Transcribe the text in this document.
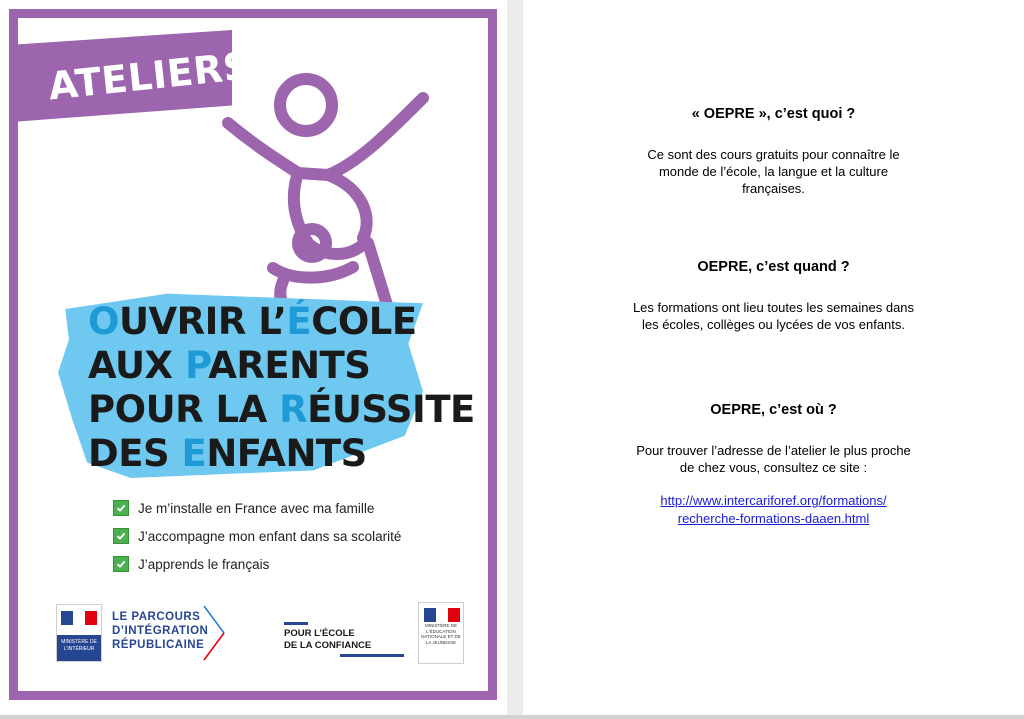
ATELIERS
OUVRIR L’ÉCOLE
AUX PARENTS
POUR LA RÉUSSITE
DES ENFANTS
Je m’installe en France avec ma famille
J’accompagne mon enfant dans sa scolarité
J’apprends le français
MINISTÈRE DE L'INTÉRIEUR
LE PARCOURS
D’INTÉGRATION
RÉPUBLICAINE
POUR L’ÉCOLE
DE LA CONFIANCE
MINISTÈRE DE L'ÉDUCATION NATIONALE ET DE LA JEUNESSE
« OEPRE », c’est quoi ?

Ce sont des cours gratuits pour connaître le

monde de l’école, la langue et la culture

françaises.

OEPRE, c’est quand ?

Les formations ont lieu toutes les semaines dans

les écoles, collèges ou lycées de vos enfants.

OEPRE, c’est où ?

Pour trouver l’adresse de l’atelier le plus proche

de chez vous, consultez ce site :

http://www.intercariforef.org/formations/
recherche-formations-daaen.html
